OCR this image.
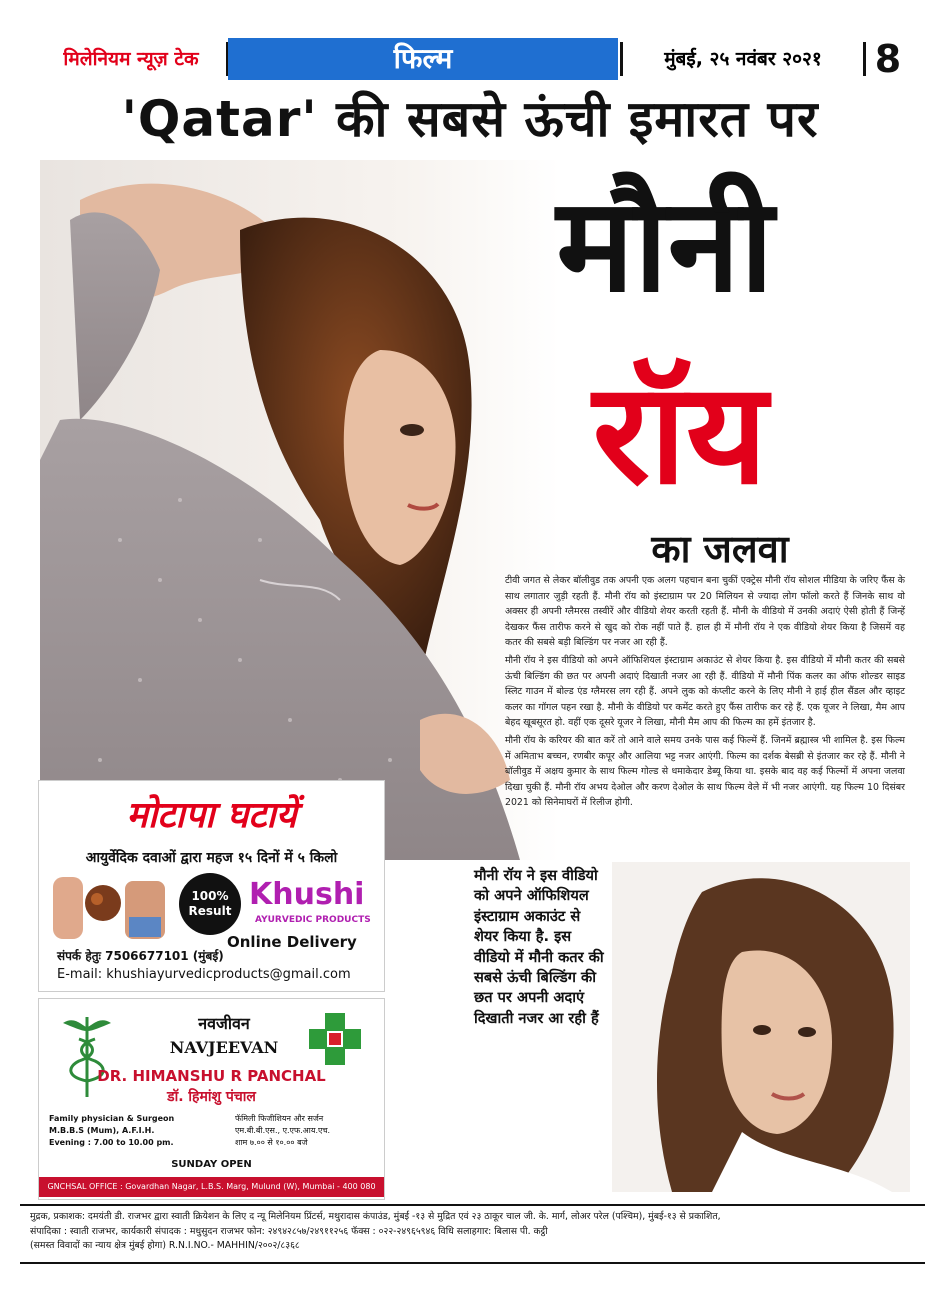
मिलेनियम न्यूज़ टेक	फिल्म	मुंबई, २५ नवंबर २०२१	8
'Qatar' की सबसे ऊंची इमारत पर
मौनी
रॉय
का जलवा

टीवी जगत से लेकर बॉलीवुड तक अपनी एक अलग पहचान बना चुकीं एक्ट्रेस मौनी रॉय सोशल मीडिया के जरिए फैंस के साथ लगातार जुड़ी रहती हैं. मौनी रॉय को इंस्टाग्राम पर 20 मिलियन से ज्यादा लोग फॉलो करते हैं जिनके साथ वो अक्सर ही अपनी ग्लैमरस तस्वीरें और वीडियो शेयर करती रहती हैं. मौनी के वीडियो में उनकी अदाएं ऐसी होती हैं जिन्हें देखकर फैंस तारीफ करने से खुद को रोक नहीं पाते हैं. हाल ही में मौनी रॉय ने एक वीडियो शेयर किया है जिसमें वह कतर की सबसे बड़ी बिल्डिंग पर नजर आ रही हैं.

मौनी रॉय ने इस वीडियो को अपने ऑफिशियल इंस्टाग्राम अकाउंट से शेयर किया है. इस वीडियो में मौनी कतर की सबसे ऊंची बिल्डिंग की छत पर अपनी अदाएं दिखाती नजर आ रही हैं. वीडियो में मौनी पिंक कलर का ऑफ शोल्डर साइड स्लिट गाउन में बोल्ड एंड ग्लैमरस लग रही हैं. अपने लुक को कंप्लीट करने के लिए मौनी ने हाई हील सैंडल और व्हाइट कलर का गॉगल पहन रखा है. मौनी के वीडियो पर कमेंट करते हुए फैंस तारीफ कर रहे हैं. एक यूजर ने लिखा, मैम आप बेहद खूबसूरत हो. वहीं एक दूसरे यूजर ने लिखा, मौनी मैम आप की फिल्म का हमें इंतजार है.

मौनी रॉय के करियर की बात करें तो आने वाले समय उनके पास कई फिल्में हैं. जिनमें ब्रह्मास्त्र भी शामिल है. इस फिल्म में अमिताभ बच्चन, रणबीर कपूर और आलिया भट्ट नजर आएंगी. फिल्म का दर्शक बेसब्री से इंतजार कर रहे हैं. मौनी ने बॉलीवुड में अक्षय कुमार के साथ फिल्म गोल्ड से धमाकेदार डेब्यू किया था. इसके बाद वह कई फिल्मों में अपना जलवा दिखा चुकी हैं. मौनी रॉय अभय देओल और करण देओल के साथ फिल्म वेले में भी नजर आएंगी. यह फिल्म 10 दिसंबर 2021 को सिनेमाघरों में रिलीज होगी.

मोटापा घटायें
आयुर्वेदिक दवाओं द्वारा महज १५ दिनों में ५ किलो
100%
Result Khushi
AYURVEDIC PRODUCTS
Online Delivery
संपर्क हेतुः 7506677101 (मुंबई)
E-mail: khushiayurvedicproducts@gmail.com
नवजीवन
NAVJEEVAN
DR. HIMANSHU R PANCHAL
डॉ. हिमांशु पंचाल
Family physician & Surgeon
M.B.B.S (Mum), A.F.I.H.
Evening : 7.00 to 10.00 pm.
फॅमिली फिजीशियन और सर्जन
एम.बी.बी.एस., ए.एफ.आय.एच.
शाम ७.०० से १०.०० बजे
SUNDAY OPEN
GNCHSAL OFFICE : Govardhan Nagar, L.B.S. Marg, Mulund (W), Mumbai - 400 080
मौनी रॉय ने इस वीडियो को अपने ऑफिशियल इंस्टाग्राम अकाउंट से शेयर किया है. इस वीडियो में मौनी कतर की सबसे ऊंची बिल्डिंग की छत पर अपनी अदाएं दिखाती नजर आ रही हैं
मुद्रक, प्रकाशक: दमयंती डी. राजभर द्वारा स्वाती क्रियेशन के लिए द न्यू मिलेनियम प्रिंटर्स, मथुरादास कंपाउंड, मुंबई -१३ से मुद्रित एवं २३ ठाकूर चाल जी. के. मार्ग, लोअर परेल (पश्चिम), मुंबई-१३ से प्रकाशित,
संपादिका : स्वाती राजभर, कार्यकारी संपादक : मधुसुदन राजभर फोन: २४९४२८५७/२४९११२५६ फॅक्स : ०२२-२४९६५९४६ विधि सलाहगार: बिलास पी. कट्ठी
(समस्त विवादों का न्याय क्षेत्र मुंबई होगा) R.N.I.NO.- MAHHIN/२००२/८३६८
